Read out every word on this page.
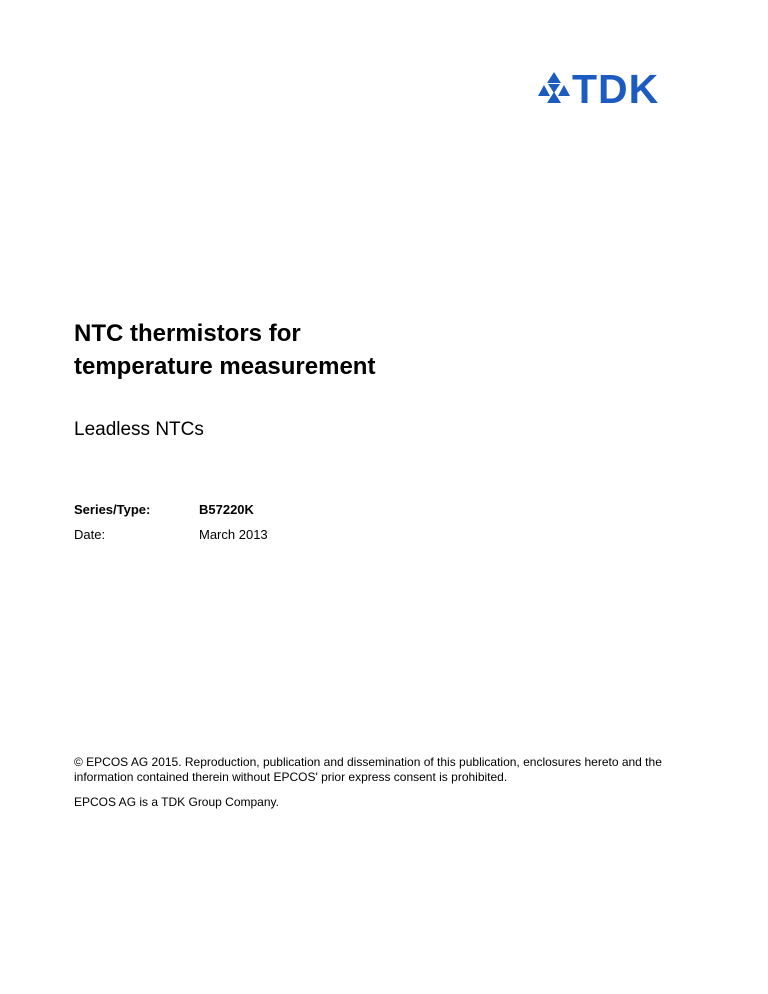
TDK
NTC thermistors for
temperature measurement
Leadless NTCs
Series/Type:	B57220K
Date:	March 2013

© EPCOS AG 2015. Reproduction, publication and dissemination of this publication, enclosures hereto and the
information contained therein without EPCOS' prior express consent is prohibited.

EPCOS AG is a TDK Group Company.
